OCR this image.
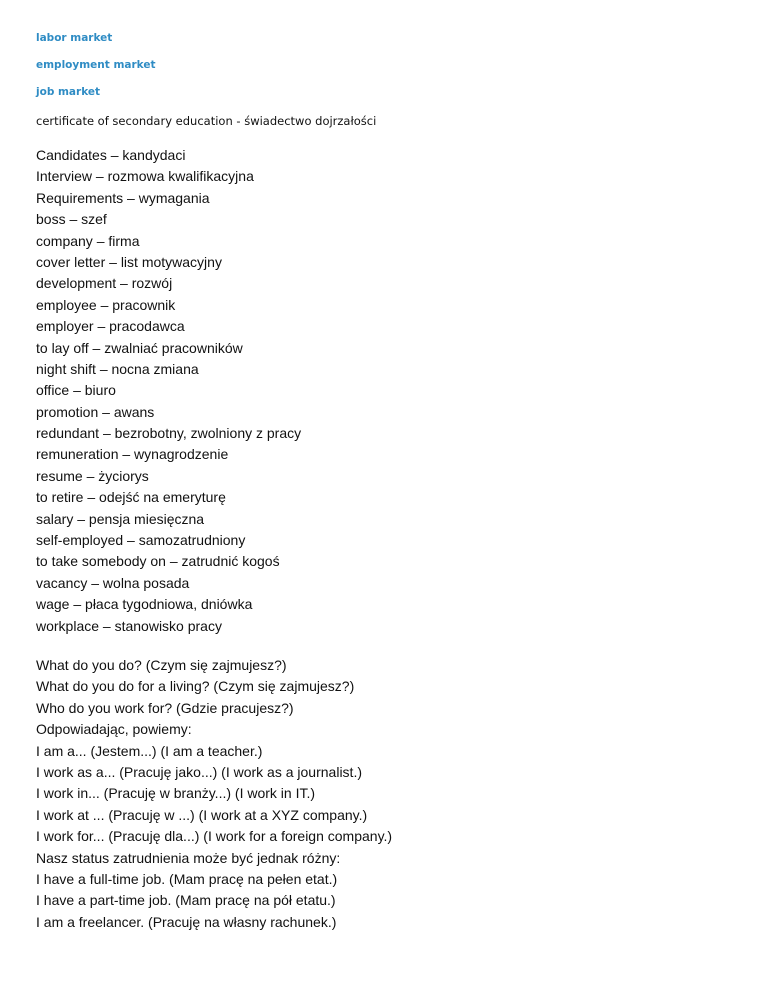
labor market
employment market
job market
certificate of secondary education - świadectwo dojrzałości
Candidates – kandydaci
Interview – rozmowa kwalifikacyjna
Requirements – wymagania
boss – szef
company – firma
cover letter – list motywacyjny
development – rozwój
employee – pracownik
employer – pracodawca
to lay off – zwalniać pracowników
night shift – nocna zmiana
office – biuro
promotion – awans
redundant – bezrobotny, zwolniony z pracy
remuneration – wynagrodzenie
resume – życiorys
to retire – odejść na emeryturę
salary – pensja miesięczna
self-employed – samozatrudniony
to take somebody on – zatrudnić kogoś
vacancy – wolna posada
wage – płaca tygodniowa, dniówka
workplace – stanowisko pracy
What do you do? (Czym się zajmujesz?)
What do you do for a living? (Czym się zajmujesz?)
Who do you work for? (Gdzie pracujesz?)
Odpowiadając, powiemy:
I am a... (Jestem...) (I am a teacher.)
I work as a... (Pracuję jako...) (I work as a journalist.)
I work in... (Pracuję w branży...) (I work in IT.)
I work at ... (Pracuję w ...) (I work at a XYZ company.)
I work for... (Pracuję dla...) (I work for a foreign company.)
Nasz status zatrudnienia może być jednak różny:
I have a full-time job. (Mam pracę na pełen etat.)
I have a part-time job. (Mam pracę na pół etatu.)
I am a freelancer. (Pracuję na własny rachunek.)
